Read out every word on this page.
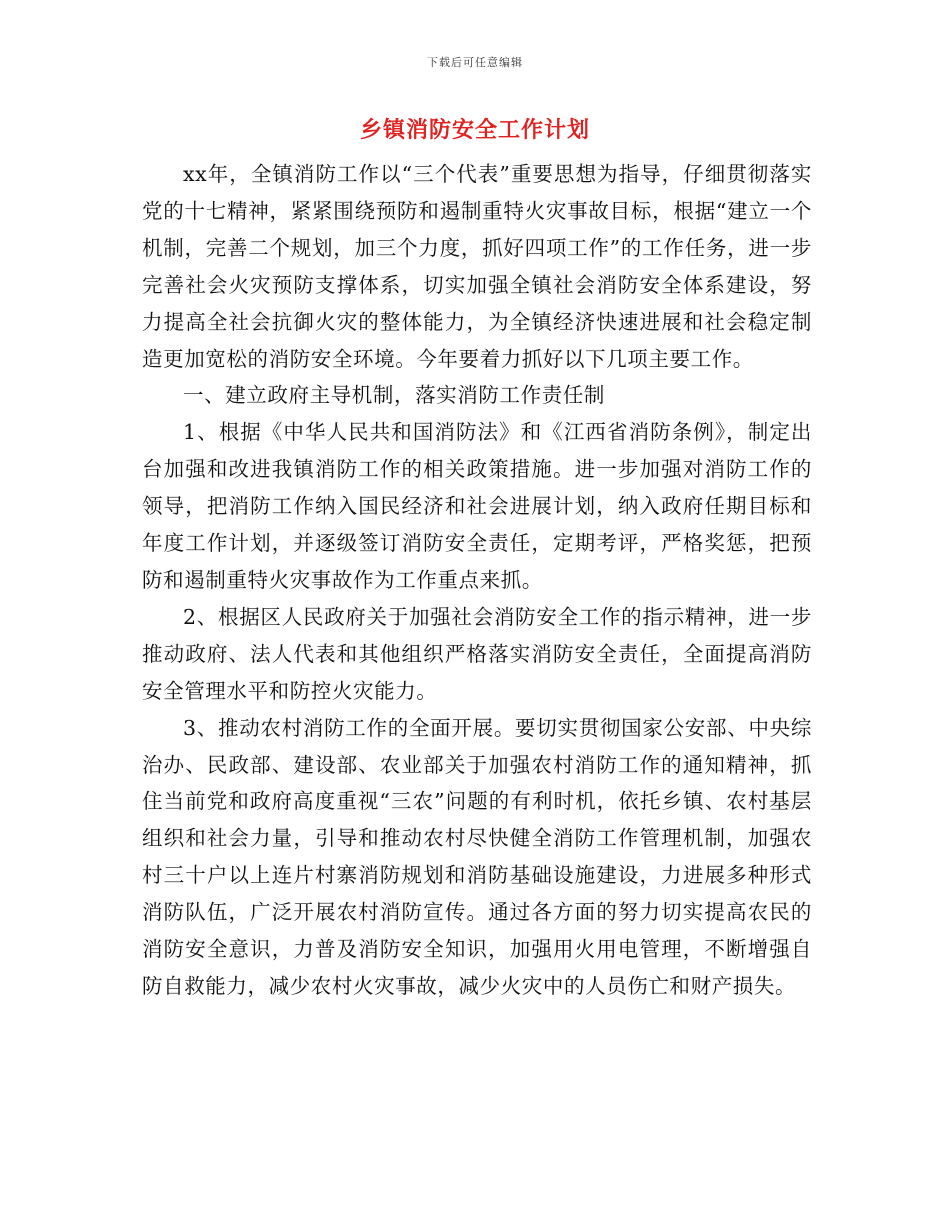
下载后可任意编辑
乡镇消防安全工作计划

xx年，全镇消防工作以“三个代表”重要思想为指导，仔细贯彻落实党的十七精神，紧紧围绕预防和遏制重特火灾事故目标，根据“建立一个机制，完善二个规划，加三个力度，抓好四项工作”的工作任务，进一步完善社会火灾预防支撑体系，切实加强全镇社会消防安全体系建设，努力提高全社会抗御火灾的整体能力，为全镇经济快速进展和社会稳定制造更加宽松的消防安全环境。今年要着力抓好以下几项主要工作。

一、建立政府主导机制，落实消防工作责任制

1、根据《中华人民共和国消防法》和《江西省消防条例》，制定出台加强和改进我镇消防工作的相关政策措施。进一步加强对消防工作的领导，把消防工作纳入国民经济和社会进展计划，纳入政府任期目标和年度工作计划，并逐级签订消防安全责任，定期考评，严格奖惩，把预防和遏制重特火灾事故作为工作重点来抓。

2、根据区人民政府关于加强社会消防安全工作的指示精神，进一步推动政府、法人代表和其他组织严格落实消防安全责任，全面提高消防安全管理水平和防控火灾能力。

3、推动农村消防工作的全面开展。要切实贯彻国家公安部、中央综治办、民政部、建设部、农业部关于加强农村消防工作的通知精神，抓住当前党和政府高度重视“三农”问题的有利时机，依托乡镇、农村基层组织和社会力量，引导和推动农村尽快健全消防工作管理机制，加强农村三十户以上连片村寨消防规划和消防基础设施建设，力进展多种形式消防队伍，广泛开展农村消防宣传。通过各方面的努力切实提高农民的消防安全意识，力普及消防安全知识，加强用火用电管理，不断增强自防自救能力，减少农村火灾事故，减少火灾中的人员伤亡和财产损失。
